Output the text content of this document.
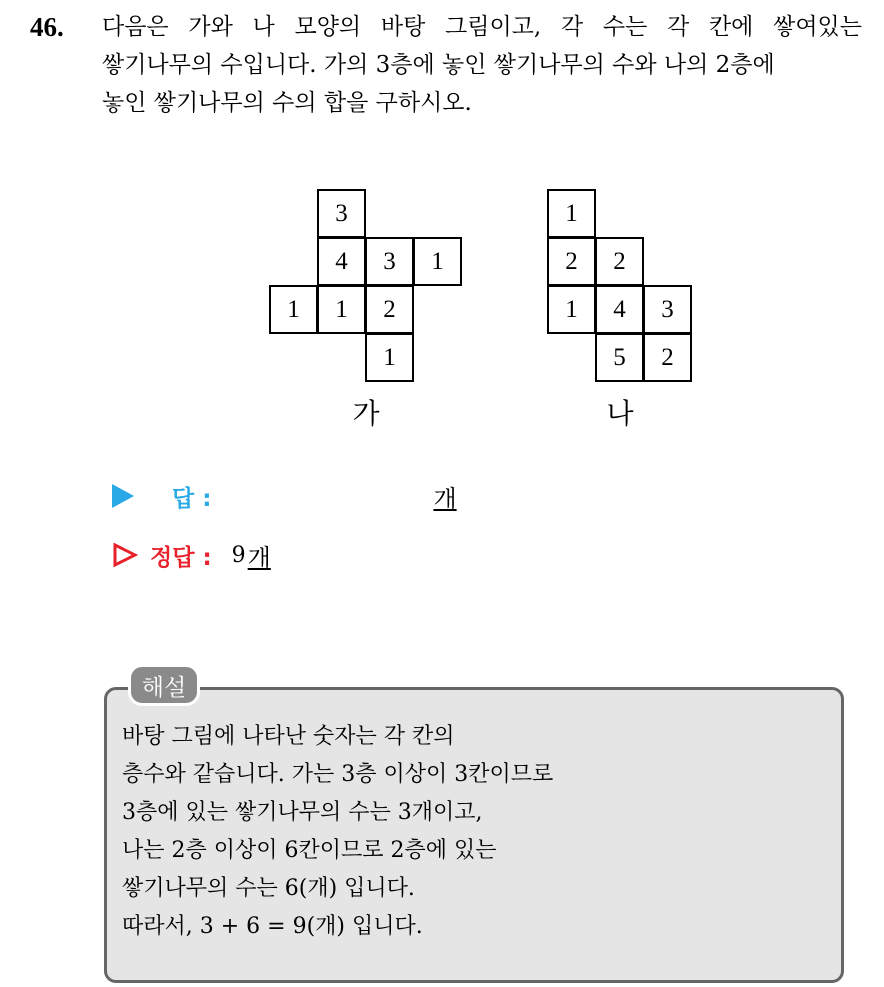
46.	다음은 가와 나 모양의 바탕 그림이고, 각 수는 각 칸에 쌓여있는
쌓기나무의 수입니다. 가의 3층에 놓인 쌓기나무의 수와 나의 2층에
놓인 쌓기나무의 수의 합을 구하시오.
3
4	3	1
1	1	2
1
가
1
2	2
1	4	3
5	2
나
답 :	개
정답 : 9 개
해설
바탕 그림에 나타난 숫자는 각 칸의
층수와 같습니다. 가는 3층 이상이 3칸이므로
3층에 있는 쌓기나무의 수는 3개이고,
나는 2층 이상이 6칸이므로 2층에 있는
쌓기나무의 수는 6(개) 입니다.
따라서, 3 + 6 = 9(개) 입니다.
